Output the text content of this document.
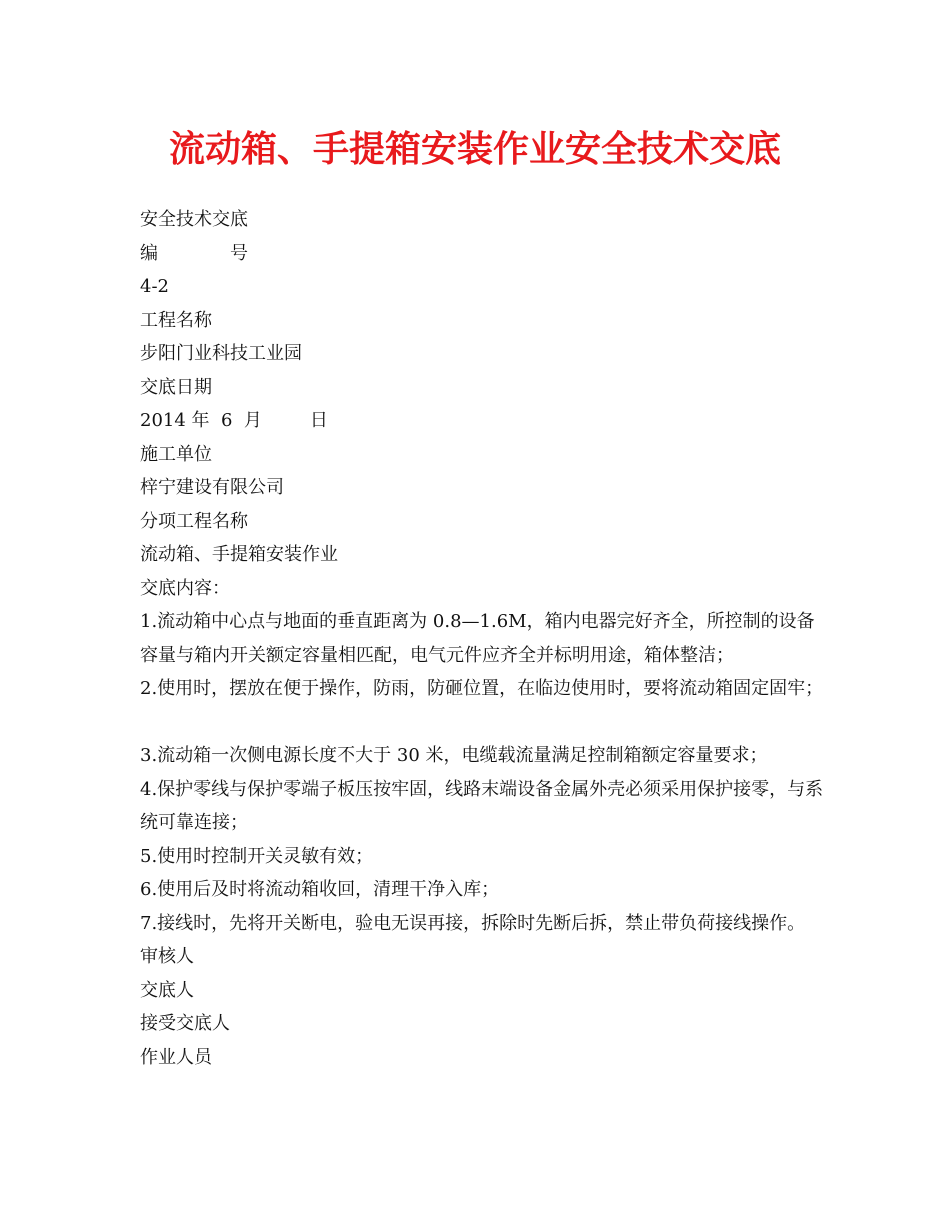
流动箱、手提箱安装作业安全技术交底
安全技术交底
编	号
4-2
工程名称
步阳门业科技工业园
交底日期
2014 年  6  月	日
施工单位
梓宁建设有限公司
分项工程名称
流动箱、手提箱安装作业
交底内容：
1.流动箱中心点与地面的垂直距离为 0.8—1.6M，箱内电器完好齐全，所控制的设备容量与箱内开关额定容量相匹配，电气元件应齐全并标明用途，箱体整洁；
2.使用时，摆放在便于操作，防雨，防砸位置，在临边使用时，要将流动箱固定固牢；
3.流动箱一次侧电源长度不大于 30 米，电缆载流量满足控制箱额定容量要求；
4.保护零线与保护零端子板压按牢固，线路末端设备金属外壳必须采用保护接零，与系统可靠连接；
5.使用时控制开关灵敏有效；
6.使用后及时将流动箱收回，清理干净入库；
7.接线时，先将开关断电，验电无误再接，拆除时先断后拆，禁止带负荷接线操作。
审核人
交底人
接受交底人
作业人员
